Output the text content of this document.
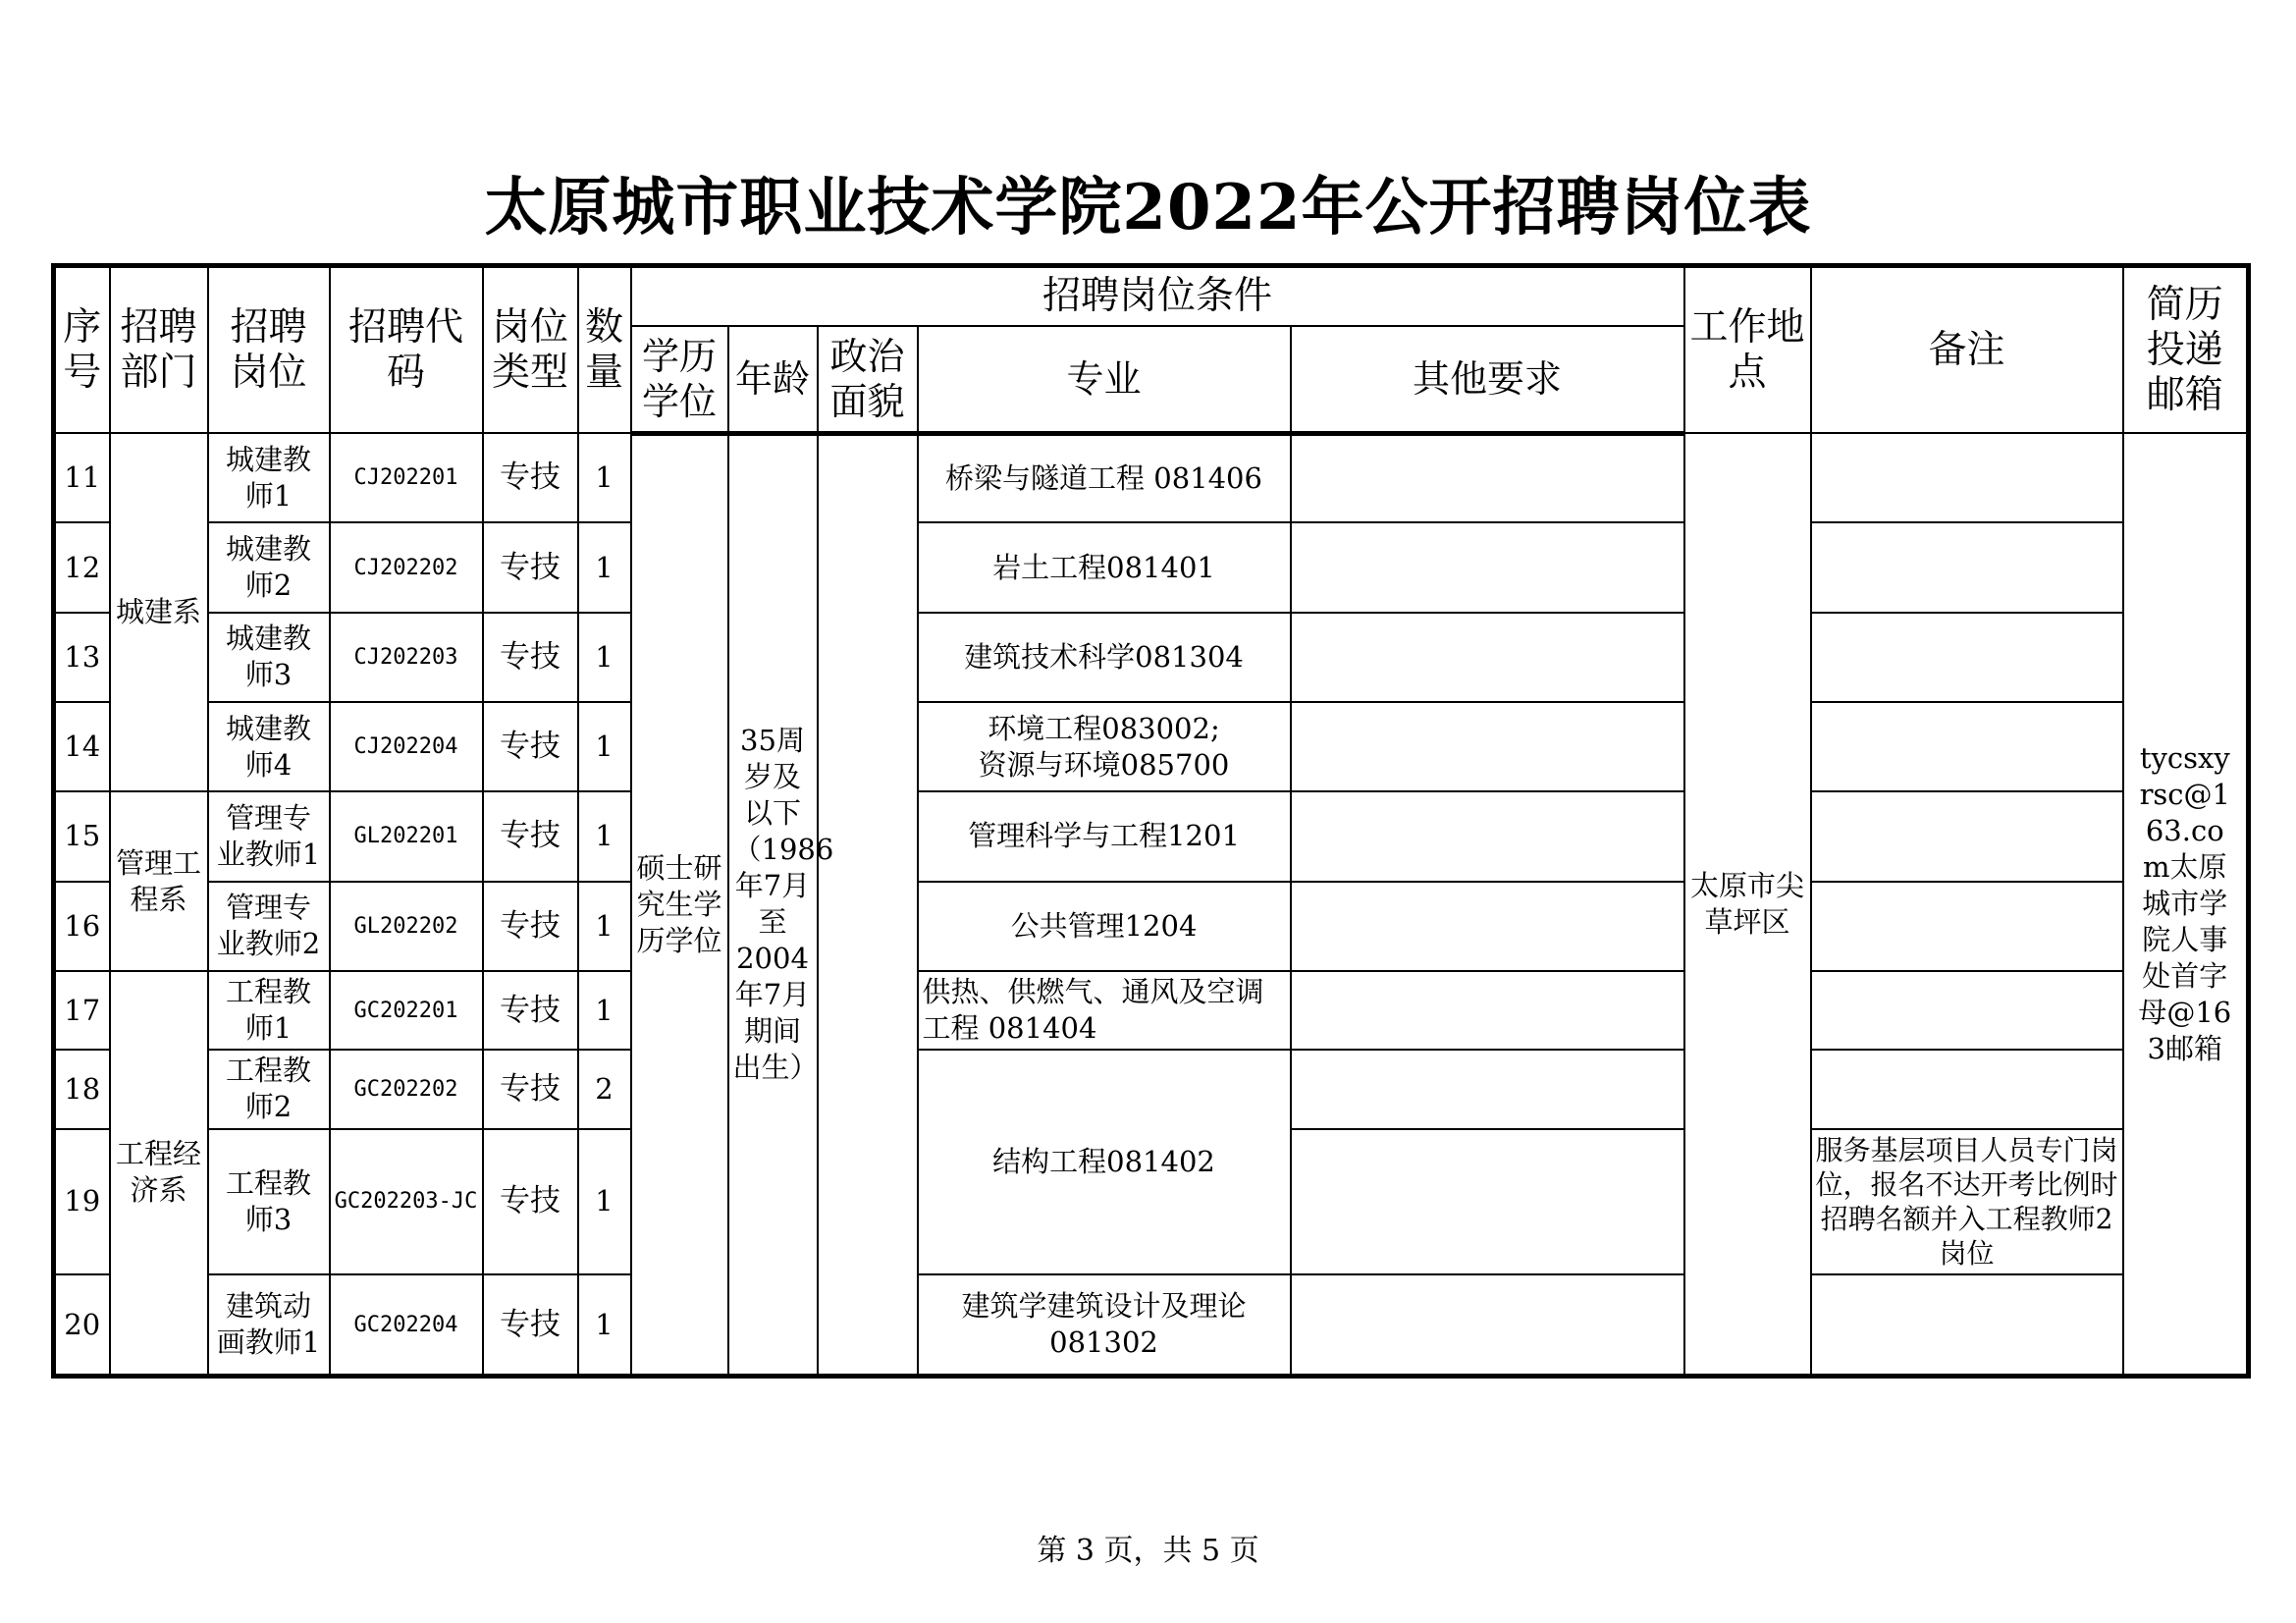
太原城市职业技术学院2022年公开招聘岗位表
序号	招聘部门	招聘岗位	招聘代码	岗位类型	数量	招聘岗位条件					工作地点	备注	简历投递邮箱
						学历学位	年龄	政治面貌	专业	其他要求			
11	城建系	城建教师1	CJ202201	专技	1	硕士研究生学历学位	35周岁及以下（1986年7月至2004年7月期间出生）		桥梁与隧道工程 081406		太原市尖草坪区		tycsxyrsc@163.com太原城市学院人事处首字母@163邮箱
12		城建教师2	CJ202202	专技	1				岩土工程081401				
13		城建教师3	CJ202203	专技	1				建筑技术科学081304				
14		城建教师4	CJ202204	专技	1				环境工程083002;
资源与环境085700				
15	管理工程系	管理专业教师1	GL202201	专技	1				管理科学与工程1201				
16		管理专业教师2	GL202202	专技	1				公共管理1204				
17	工程经济系	工程教师1	GC202201	专技	1				供热、供燃气、通风及空调工程 081404				
18		工程教师2	GC202202	专技	2				结构工程081402				
19		工程教师3	GC202203-JC	专技	1							服务基层项目人员专门岗位，报名不达开考比例时招聘名额并入工程教师2岗位	
20		建筑动画教师1	GC202204	专技	1				建筑学建筑设计及理论081302				
第 3 页，共 5 页
